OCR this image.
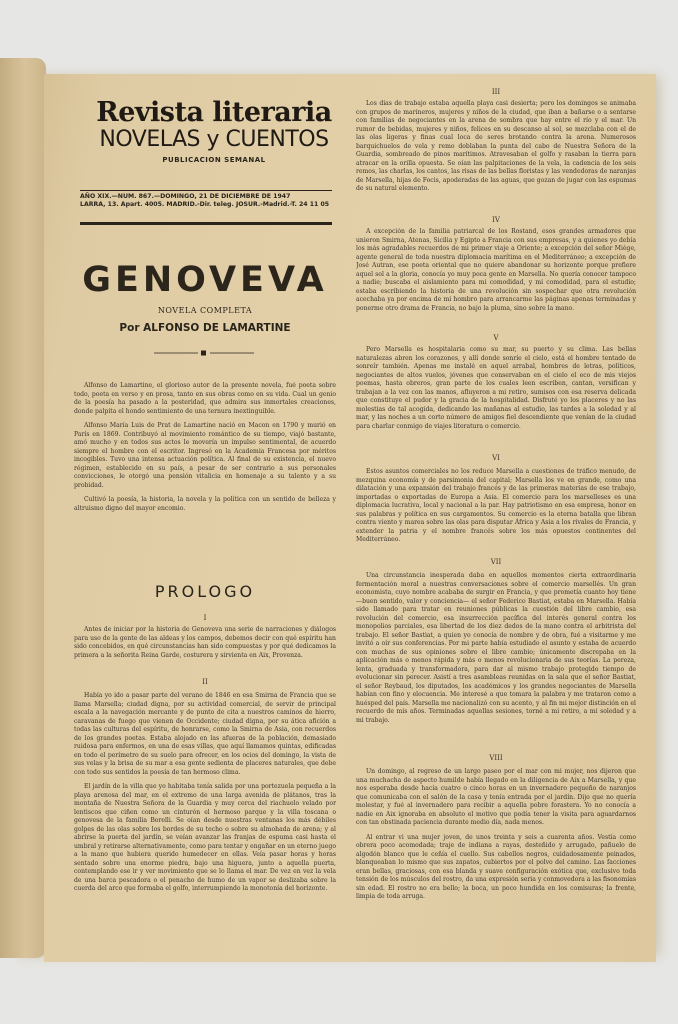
Revista literaria
NOVELAS y CUENTOS
PUBLICACION SEMANAL
AÑO XIX.—NUM. 867.—DOMINGO, 21 DE DICIEMBRE DE 1947
LARRA, 13. Apart. 4005. MADRID.-Dir. teleg. JOSUR.-Madrid.-T. 24 11 05
GENOVEVA
NOVELA COMPLETA
Por ALFONSO DE LAMARTINE

Alfonso de Lamartine, el glorioso autor de la presente novela, fué poeta sobre todo, poeta en verso y en prosa, tanto en sus obras como en su vida. Cual un genio de la poesía ha pasado a la posteridad, que admira sus inmortales creaciones, donde palpita el hondo sentimiento de una ternura inextinguible.

Alfonso María Luis de Prat de Lamartine nació en Macon en 1790 y murió en París en 1869. Contribuyó al movimiento romántico de su tiempo, viajó bastante, amó mucho y en todos sus actos le movería un impulso sentimental, de acuerdo siempre el hombre con el escritor. Ingresó en la Academia Francesa por méritos incogibles. Tuvo una intensa actuación política. Al final de su existencia, el nuevo régimen, establecido en su país, a pesar de ser contrario a sus personales convicciones, le otorgó una pensión vitalicia en homenaje a su talento y a su probidad.

Cultivó la poesía, la historia, la novela y la política con un sentido de belleza y altruismo digno del mayor encomio.

PROLOGO
I

Antes de iniciar por la historia de Genoveva una serie de narraciones y diálogos para uso de la gente de las aldeas y los campos, debemos decir con qué espíritu han sido concebidos, en qué circunstancias han sido compuestas y por qué dedicamos la primera a la señorita Reina Garde, costurera y sirvienta en Aix, Provenza.

II

Había yo ido a pasar parte del verano de 1846 en esa Smirna de Francia que se llama Marsella; ciudad digna, por su actividad comercial, de servir de principal escala a la navegación mercante y de punto de cita a nuestros caminos de hierro, caravanas de fuego que vienen de Occidente; ciudad digna, por su ática afición a todas las culturas del espíritu, de honrarse, como la Smirna de Asia, con recuerdos de los grandes poetas. Estaba alojado en las afueras de la población, demasiado ruidosa para enfermos, en una de esas villas, que aquí llamamos quintas, edificadas en todo el perímetro de su suelo para ofrecer, en los ocios del domingo, la vista de sus velas y la brisa de su mar a esa gente sedienta de placeres naturales, que debe con todo sus sentidos la poesía de tan hermoso clima.

El jardín de la villa que yo habitaba tenía salida por una portezuela pequeña a la playa arenosa del mar, en el extremo de una larga avenida de plátanos, tras la montaña de Nuestra Señora de la Guardia y muy cerca del riachuelo velado por lentiscos que ciñen como un cinturón el hermoso parque y la villa toscana o genovesa de la familia Borelli. Se oían desde nuestras ventanas los más débiles golpes de las olas sobre los bordes de su techo o sobre su almohada de arena; y al abrirse la puerta del jardín, se veían avanzar las franjas de espuma casi hasta el umbral y retirarse alternativamente, como para tentar y engañar en un eterno juego a la mano que hubiera querido humedecer en ellas. Veía pasar horas y horas sentado sobre una enorme piedra, bajo una higuera, junto a aquella puerta, contemplando ese ir y ver movimiento que se lo llama el mar. De vez en vez la vela de una barca pescadora o el penacho de humo de un vapor se deslizaba sobre la cuerda del arco que formaba el golfo, interrumpiendo la monotonía del horizonte.

III

Los días de trabajo estaba aquella playa casi desierta; pero los domingos se animaba con grupos de marineros, mujeres y niños de la ciudad, que iban a bañarse o a sentarse con familias de negociantes en la arena de sombra que hay entre el río y el mar. Un rumor de bebidas, mujeres y niños, felices en su descanso al sol, se mezclaba con el de las olas ligeras y finas cual loca de seres brotando contra la arena. Numerosos barquichuelos de vela y remo doblaban la punta del cabo de Nuestra Señora de la Guardia, sombreado de pinos marítimos. Atravesaban el golfo y rasaban la tierra para atracar en la orilla opuesta. Se oían las palpitaciones de la vela, la cadencia de los seis remos, las charlas, los cantos, las risas de las bellas floristas y las vendedoras de naranjas de Marsella, hijas de Focis, apoderadas de las aguas, que gozan de jugar con las espumas de su natural elemento.

IV

A excepción de la familia patriarcal de los Rostand, esos grandes armadores que unieron Smirna, Atenas, Sicilia y Egipto a Francia con sus empresas, y a quienes yo debía los más agradables recuerdos de mi primer viaje a Oriente; a excepción del señor Miège, agente general de toda nuestra diplomacia marítima en el Mediterráneo; a excepción de José Autran, ese poeta oriental que no quiere abandonar su horizonte porque prefiere aquel sol a la gloria, conocía yo muy poca gente en Marsella. No quería conocer tampoco a nadie; buscaba el aislamiento para mi comodidad, y mi comodidad, para el estudio; estaba escribiendo la historia de una revolución sin sospechar que otra revolución acechaba ya por encima de mi hombro para arrancarme las páginas apenas terminadas y ponerme otro drama de Francia, no bajo la pluma, sino sobre la mano.

V

Pero Marsella es hospitalaria como su mar, su puerto y su clima. Las bellas naturalezas abren los corazones, y allí donde sonríe el cielo, está el hombre tentado de sonreír también. Apenas me instalé en aquel arrabal, hombres de letras, políticos, negociantes de altos vuelos, jóvenes que conservaban en el cielo el eco de mis viejos poemas, hasta obreros, gran parte de los cuales leen escriben, cantan, versifican y trabajan a la vez con las manos, afluyeron a mi retiro, sumisos con esa reserva delicada que constituye el pudor y la gracia de la hospitalidad. Disfruté yo los placeres y no las molestias de tal acogida, dedicando las mañanas al estudio, las tardes a la soledad y al mar, y las noches a un corto número de amigos fiel descendiente que venían de la ciudad para charlar conmigo de viajes literatura o comercio.

VI

Estos asuntos comerciales no los reduce Marsella a cuestiones de tráfico menudo, de mezquina economía y de parsimonia del capital; Marsella los ve en grande, como una dilatación y una expansión del trabajo francés y de las primeras materias de ese trabajo, importadas o exportadas de Europa a Asia. El comercio para los marselleses es una diplomacia lucrativa, local y nacional a la par. Hay patriotismo en esa empresa, honor en sus palabras y política en sus cargamentos. Su comercio es la eterna batalla que libran contra viento y marea sobre las olas para disputar África y Asia a los rivales de Francia, y extender la patria y el nombre francés sobre los más opuestos continentes del Mediterráneo.

VII

Una circunstancia inesperada daba en aquellos momentos cierta extraordinaria fermentación moral a nuestras conversaciones sobre el comercio marsellés. Un gran economista, cuyo nombre acababa de surgir en Francia, y que prometía cuanto hoy tiene —buen sentido, valor y conciencia— el señor Federico Bastiat, estaba en Marsella. Había sido llamado para tratar en reuniones públicas la cuestión del libre cambio, esa revolución del comercio, esa insurrección pacífica del interés general contra los monopolios parciales, esa libertad de los diez dedos de la mano contra el arbitrista del trabajo. El señor Bastiat, a quien yo conocía de nombre y de obra, fué a visitarme y me invitó a oír sus conferencias. Por mi parte había estudiado el asunto y estaba de acuerdo con muchas de sus opiniones sobre el libre cambio; únicamente discrepaba en la aplicación más o menos rápida y más o menos revolucionaria de sus teorías. La pereza, lenta, graduada y transformadora, para dar al mismo trabajo protegido tiempo de evolucionar sin perecer. Asistí a tres asambleas reunidas en la sala que el señor Bastiat, el señor Reybaud, los diputados, los académicos y los grandes negociantes de Marsella habían con fino y elocuencia. Me interesé a que tomara la palabra y me trataron como a huésped del país. Marsella me nacionalizó con su acento, y al fin mi mejor distinción en el recuerdo de mis años. Terminadas aquellas sesiones, torné a mi retiro, a mi soledad y a mi trabajo.

VIII

Un domingo, al regreso de un largo paseo por el mar con mi mujer, nos dijeron que una muchacha de aspecto humilde había llegado en la diligencia de Aix a Marsella, y que nos esperaba desde hacía cuatro o cinco horas en un invernadero pequeño de naranjos que comunicaba con el salón de la casa y tenía entrada por el jardín. Dijo que no quería molestar, y fué al invernadero para recibir a aquella pobre forastera. Yo no conocía a nadie en Aix ignoraba en absoluto el motivo que podía tener la visita para aguardarnos con tan obstinada paciencia durante medio día, nada menos.

Al entrar vi una mujer joven, de unos treinta y seis a cuarenta años. Vestía como obrera poco acomodada; traje de indiana a rayas, desteñido y arrugado, pañuelo de algodón blanco que le ceñía el cuello. Sus cabellos negros, cuidadosamente peinados, blanqueaban lo mismo que sus zapatos, cubiertos por el polvo del camino. Las facciones eran bellas, graciosas, con esa blanda y suave configuración exótica que, exclusivo toda tensión de los músculos del rostro, da una expresión seria y conmovedora a las fisonomías sin edad. El rostro no era bello; la boca, un poco hundida en los comisuras; la frente, limpia de toda arruga.
